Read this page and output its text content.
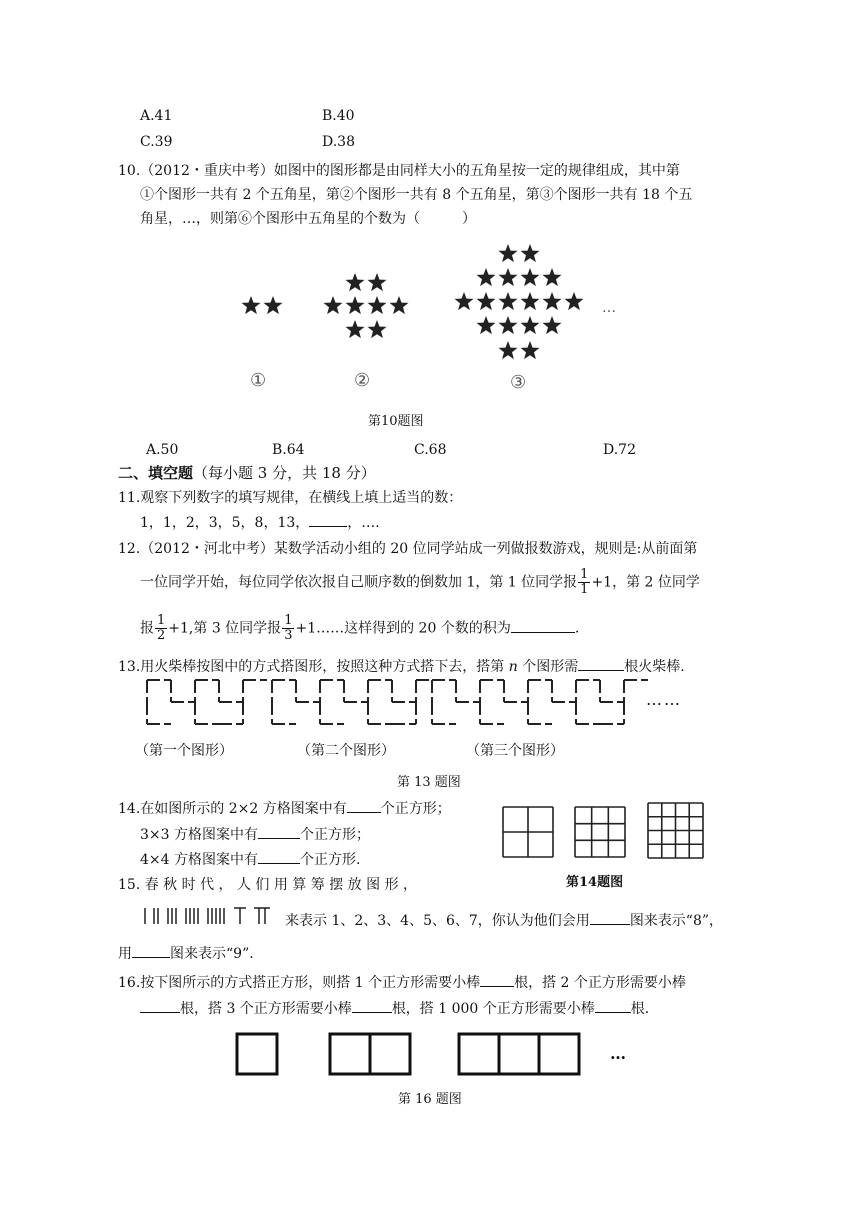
A.41	B.40
C.39	D.38
10.（2012・重庆中考）如图中的图形都是由同样大小的五角星按一定的规律组成，其中第
①个图形一共有 2 个五角星，第②个图形一共有 8 个五角星，第③个图形一共有 18 个五
角星，…，则第⑥个图形中五角星的个数为（　　　）
①	②	③
…
第10题图
A.50	B.64	C.68	D.72
二、填空题（每小题 3 分，共 18 分）
11.观察下列数字的填写规律，在横线上填上适当的数：
1，1，2，3，5，8，13，	，….
12.（2012・河北中考）某数学活动小组的 20 位同学站成一列做报数游戏，规则是:从前面第
一位同学开始，每位同学依次报自己顺序数的倒数加 1，第 1 位同学报 $\frac{1}{1} +1$，第 2 位同学
报 $\frac{1}{2} +1$,第 3 位同学报 $\frac{1}{3}$ +1……这样得到的 20 个数的积为	.
13.用火柴棒按图中的方式搭图形，按照这种方式搭下去，搭第 n 个图形需	根火柴棒.
……
（第一个图形）	（第二个图形）	（第三个图形）
第 13 题图
14.在如图所示的 2×2 方格图案中有 个正方形；
3×3 方格图案中有	个正方形；
4×4 方格图案中有	个正方形.
第14题图
15. 春 秋 时 代 ， 人 们 用 算 筹 摆 放 图 形 ，
来表示 1、2、3、4、5、6、7，你认为他们会用	图来表示“8”，
用	图来表示“9”.
16.按下图所示的方式搭正方形，则搭 1 个正方形需要小棒 根，搭 2 个正方形需要小棒
根，搭 3 个正方形需要小棒	根，搭 1 000 个正方形需要小棒	根.
…
第 16 题图
